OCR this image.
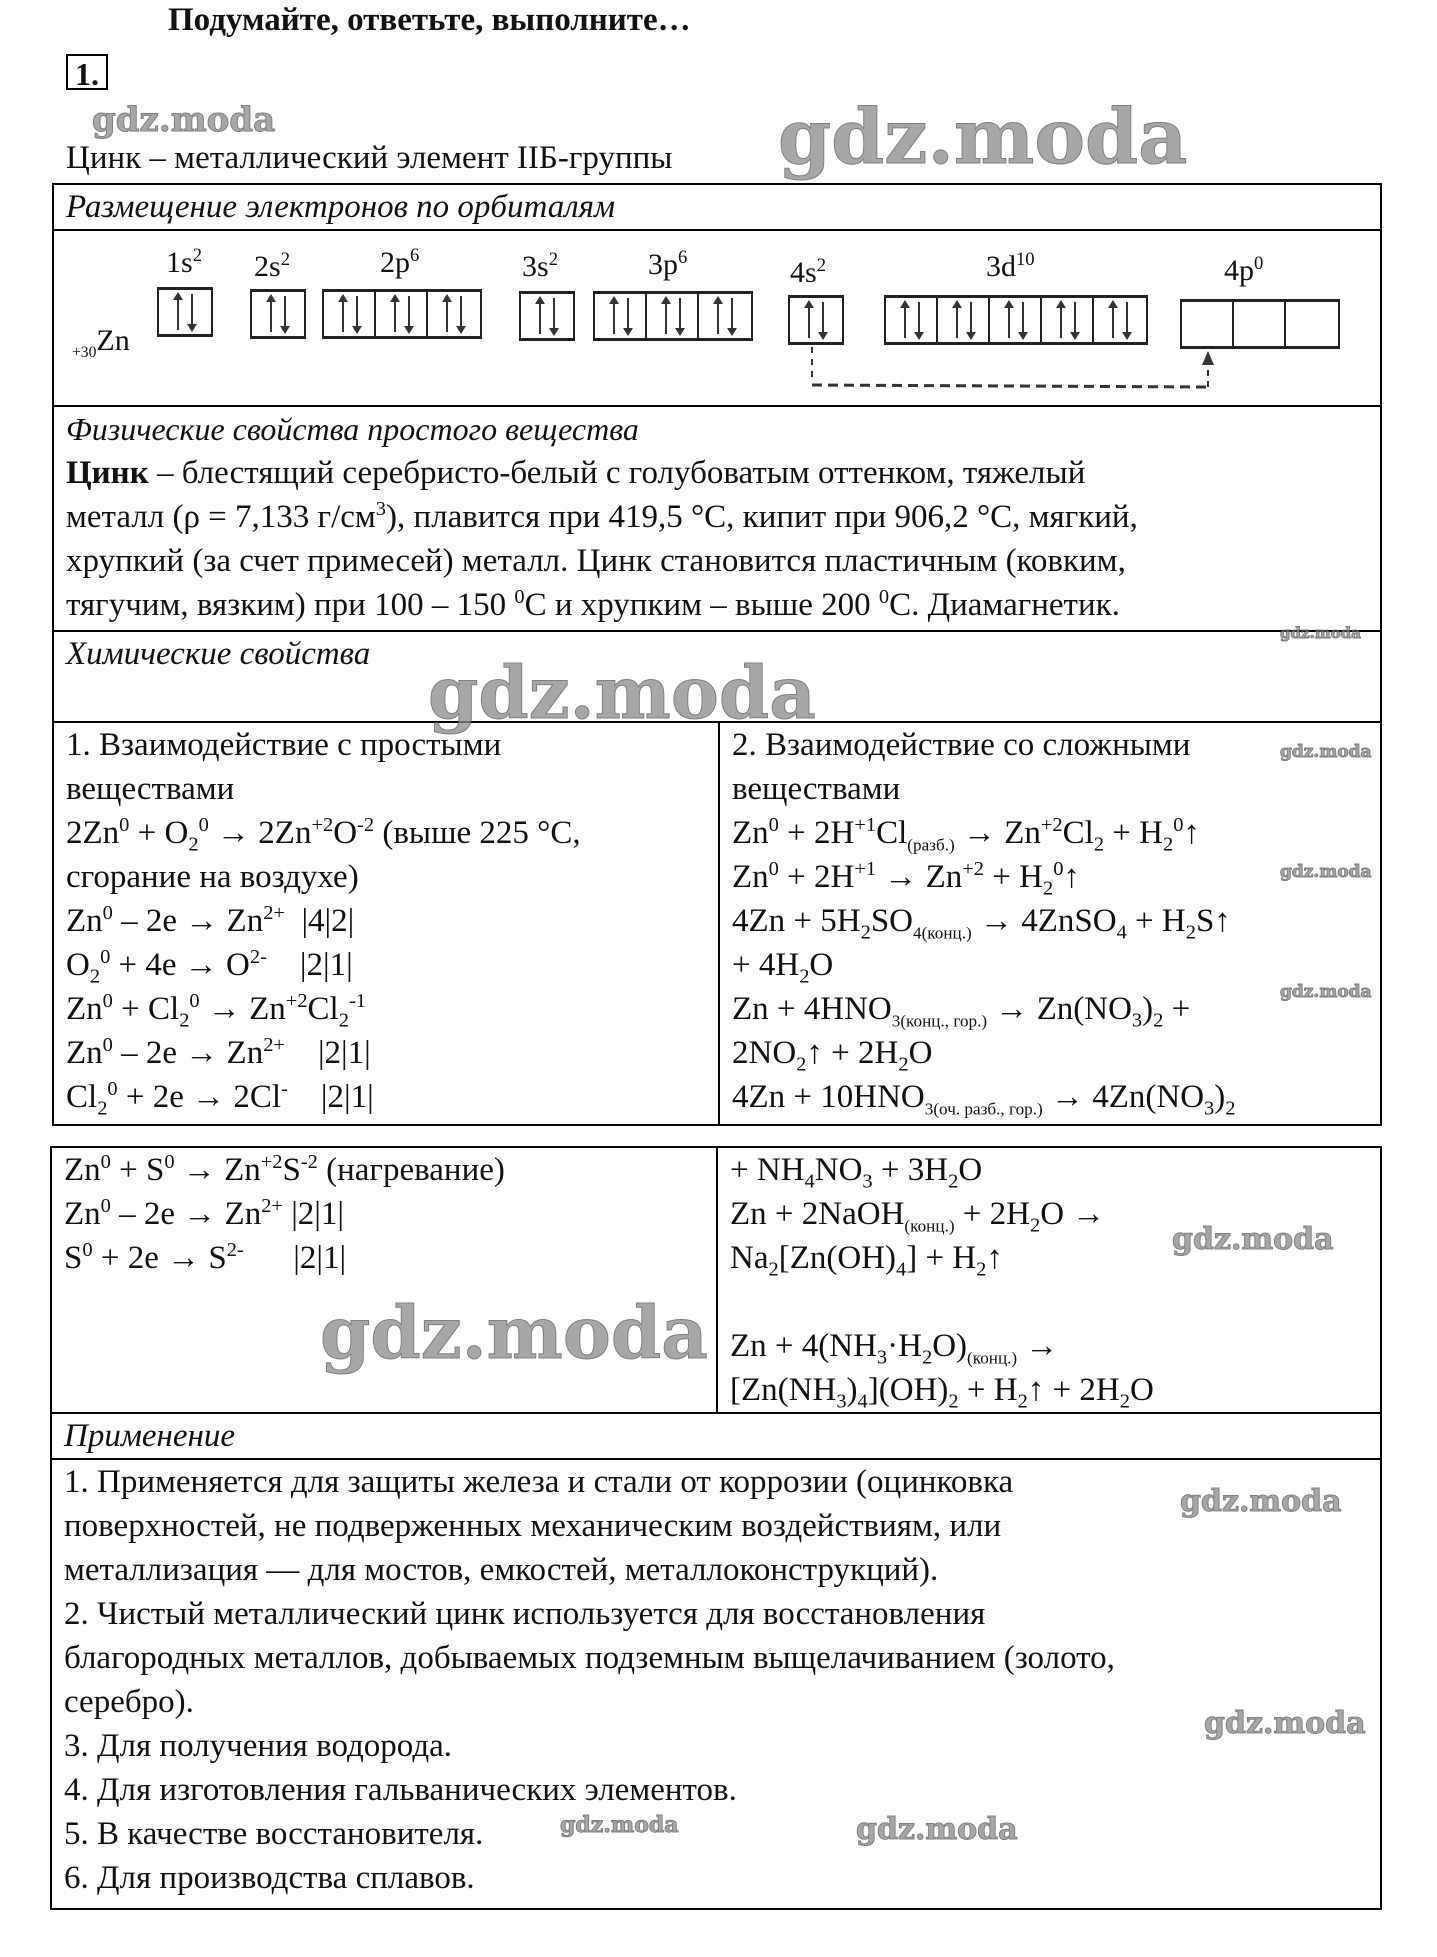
Подумайте, ответьте, выполните…
1.
gdz.moda
Цинк – металлический элемент IIБ-группы gdz.moda
Размещение электронов по орбиталям

$_{+30}$Zn
$1s^2$ $2s^2$	$2p^6$	$3s^2$	$3p^6$	$4s^2$	$3d^{10}$	$4p^0$

Физические свойства простого вещества
Цинк – блестящий серебристо-белый с голубоватым оттенком, тяжелый
металл (ρ = 7,133 $г/см^3$), плавится при 419,5 °С, кипит при 906,2 °С, мягкий,
хрупкий (за счет примесей) металл. Цинк становится пластичным (ковким,
тягучим, вязким) при 100 – 150 $^0$С и хрупким – выше 200 $^0$С. Диамагнетик.

Химические свойства

1. Взаимодействие с простыми
веществами
$2Zn^0 + O_2^0 \to 2Zn^{+2}O^{-2}$ (выше 225 °С,
сгорание на воздухе)
$Zn^0 - 2e \to Zn^{2+}$  |4|2|
$O_2^0 + 4e \to O^{2-}$    |2|1|
$Zn^0 + Cl_2^0 \to Zn^{+2}Cl_2^{-1}$
$Zn^0 - 2e \to Zn^{2+}$    |2|1|
$Cl_2^0 + 2e \to 2Cl^-$    |2|1|

2. Взаимодействие со сложными
веществами
$Zn^0 + 2H^{+1}Cl_{(разб.)} \to Zn^{+2}Cl_2$ + $H_2^0↑$
$Zn^0 + 2H^{+1} \to Zn^{+2}$ + $H_2^0↑$
$4Zn + 5H_2SO_{4(конц.)}$ → 4ZnSO$_4$ + $H_2S↑$
+ $4H_2O$
$Zn + 4HNO_{3(конц., гор.)} \to Zn(NO_3)_2$ +
$2NO_2↑ + 2H_2O$
$4Zn + 10HNO_{3(оч. разб., гор.)} \to 4Zn(NO_3)_2$
gdz.moda
gdz.moda
gdz.moda
gdz.moda
gdz.moda
$Zn^0 + S^0 \to Zn^{+2}S^{-2}$ (нагревание)
$Zn^0 - 2e \to Zn^{2+}$ |2|1|
$S^0 + 2e \to S^{2-}$      |2|1|

+ $NH_4NO_3 + 3H_2O$
Zn + 2NaOH$_{(конц.)}$ + $2H_2O$ →
$Na_2[Zn(OH)_4]$ + $H_2↑$

$Zn + 4(NH_3\cdot H_2O)_{(конц.)}$ →
$[Zn(NH_3)_4](OH)_2$ + $H_2↑ + 2H_2O$

Применение

1. Применяется для защиты железа и стали от коррозии (оцинковка
поверхностей, не подверженных механическим воздействиям, или
металлизация — для мостов, емкостей, металлоконструкций).
2. Чистый металлический цинк используется для восстановления
благородных металлов, добываемых подземным выщелачиванием (золото,
серебро).
3. Для получения водорода.
4. Для изготовления гальванических элементов.
5. В качестве восстановителя.
6. Для производства сплавов.
gdz.moda
gdz.moda
gdz.moda
gdz.moda
gdz.moda	gdz.moda
